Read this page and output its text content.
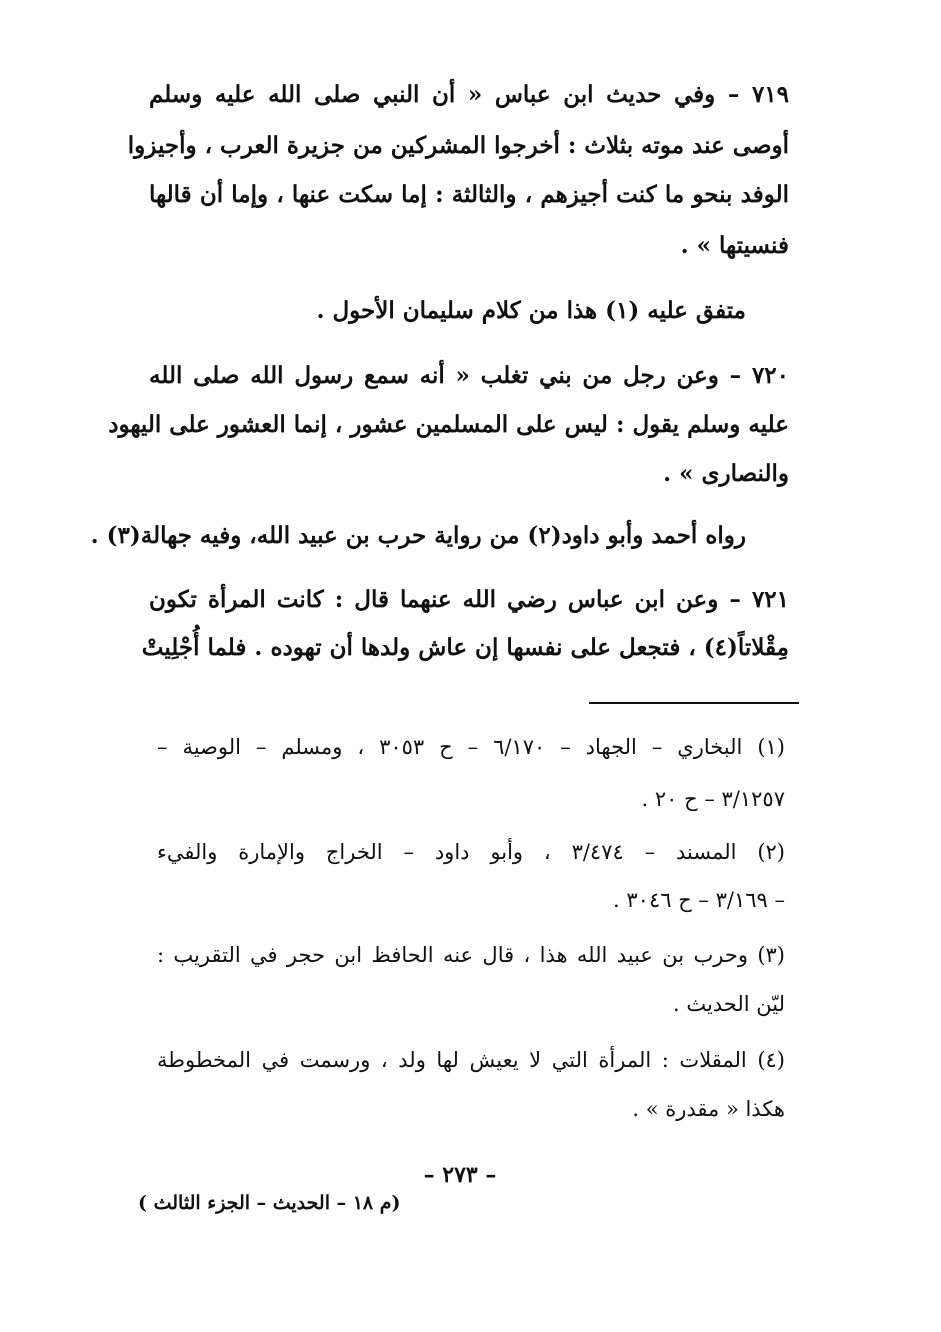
٧١٩ – وفي حديث ابن عباس « أن النبي صلى الله عليه وسلم
أوصى عند موته بثلاث : أخرجوا المشركين من جزيرة العرب ، وأجيزوا
الوفد بنحو ما كنت أجيزهم ، والثالثة : إما سكت عنها ، وإما أن قالها
فنسيتها » .
متفق عليه (١) هذا من كلام سليمان الأحول .
٧٢٠ – وعن رجل من بني تغلب « أنه سمع رسول الله صلى الله
عليه وسلم يقول : ليس على المسلمين عشور ، إنما العشور على اليهود
والنصارى » .
رواه أحمد وأبو داود(٢) من رواية حرب بن عبيد الله، وفيه جهالة(٣) .
٧٢١ – وعن ابن عباس رضي الله عنهما قال : كانت المرأة تكون
مِقْلاتاً(٤) ، فتجعل على نفسها إن عاش ولدها أن تهوده . فلما أُجْلِيتْ
(١) البخاري – الجهاد – ٦/١٧٠ – ح ٣٠٥٣ ، ومسلم – الوصية –
٣/١٢٥٧ – ح ٢٠ .
(٢) المسند – ٣/٤٧٤ ، وأبو داود – الخراج والإمارة والفيء
– ٣/١٦٩ – ح ٣٠٤٦ .
(٣) وحرب بن عبيد الله هذا ، قال عنه الحافظ ابن حجر في التقريب :
ليّن الحديث .
(٤) المقلات : المرأة التي لا يعيش لها ولد ، ورسمت في المخطوطة
هكذا « مقدرة » .
– ٢٧٣ –
(م ١٨ – الحديث – الجزء الثالث )
